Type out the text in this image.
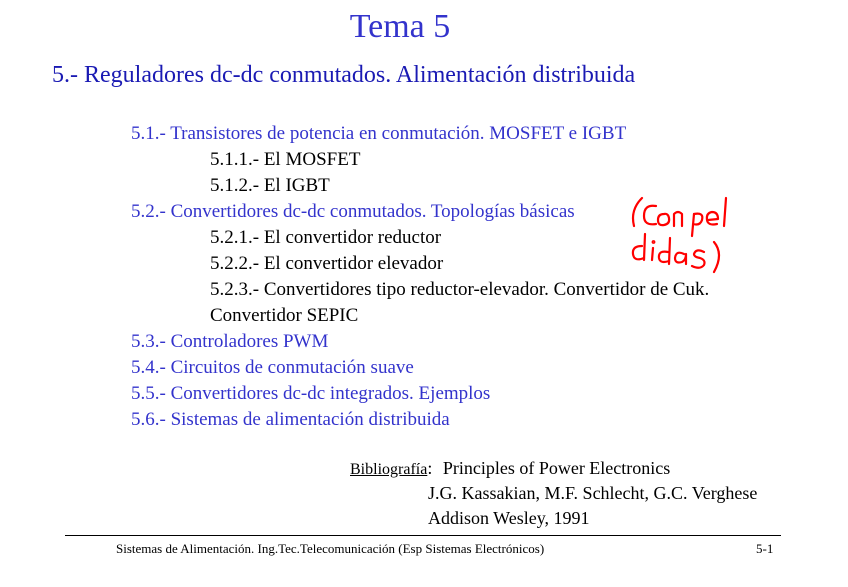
Tema 5
5.- Reguladores dc-dc conmutados. Alimentación distribuida
5.1.- Transistores de potencia en conmutación. MOSFET e IGBT
5.1.1.- El MOSFET
5.1.2.- El IGBT
5.2.- Convertidores dc-dc conmutados. Topologías básicas
5.2.1.- El convertidor reductor
5.2.2.- El convertidor elevador
5.2.3.- Convertidores tipo reductor-elevador. Convertidor de Cuk.
Convertidor SEPIC
5.3.- Controladores PWM
5.4.- Circuitos de conmutación suave
5.5.- Convertidores dc-dc integrados. Ejemplos
5.6.- Sistemas de alimentación distribuida
Bibliografía: Principles of Power Electronics
J.G. Kassakian, M.F. Schlecht, G.C. Verghese
Addison Wesley, 1991
Sistemas de Alimentación. Ing.Tec.Telecomunicación (Esp Sistemas Electrónicos)	5-1
